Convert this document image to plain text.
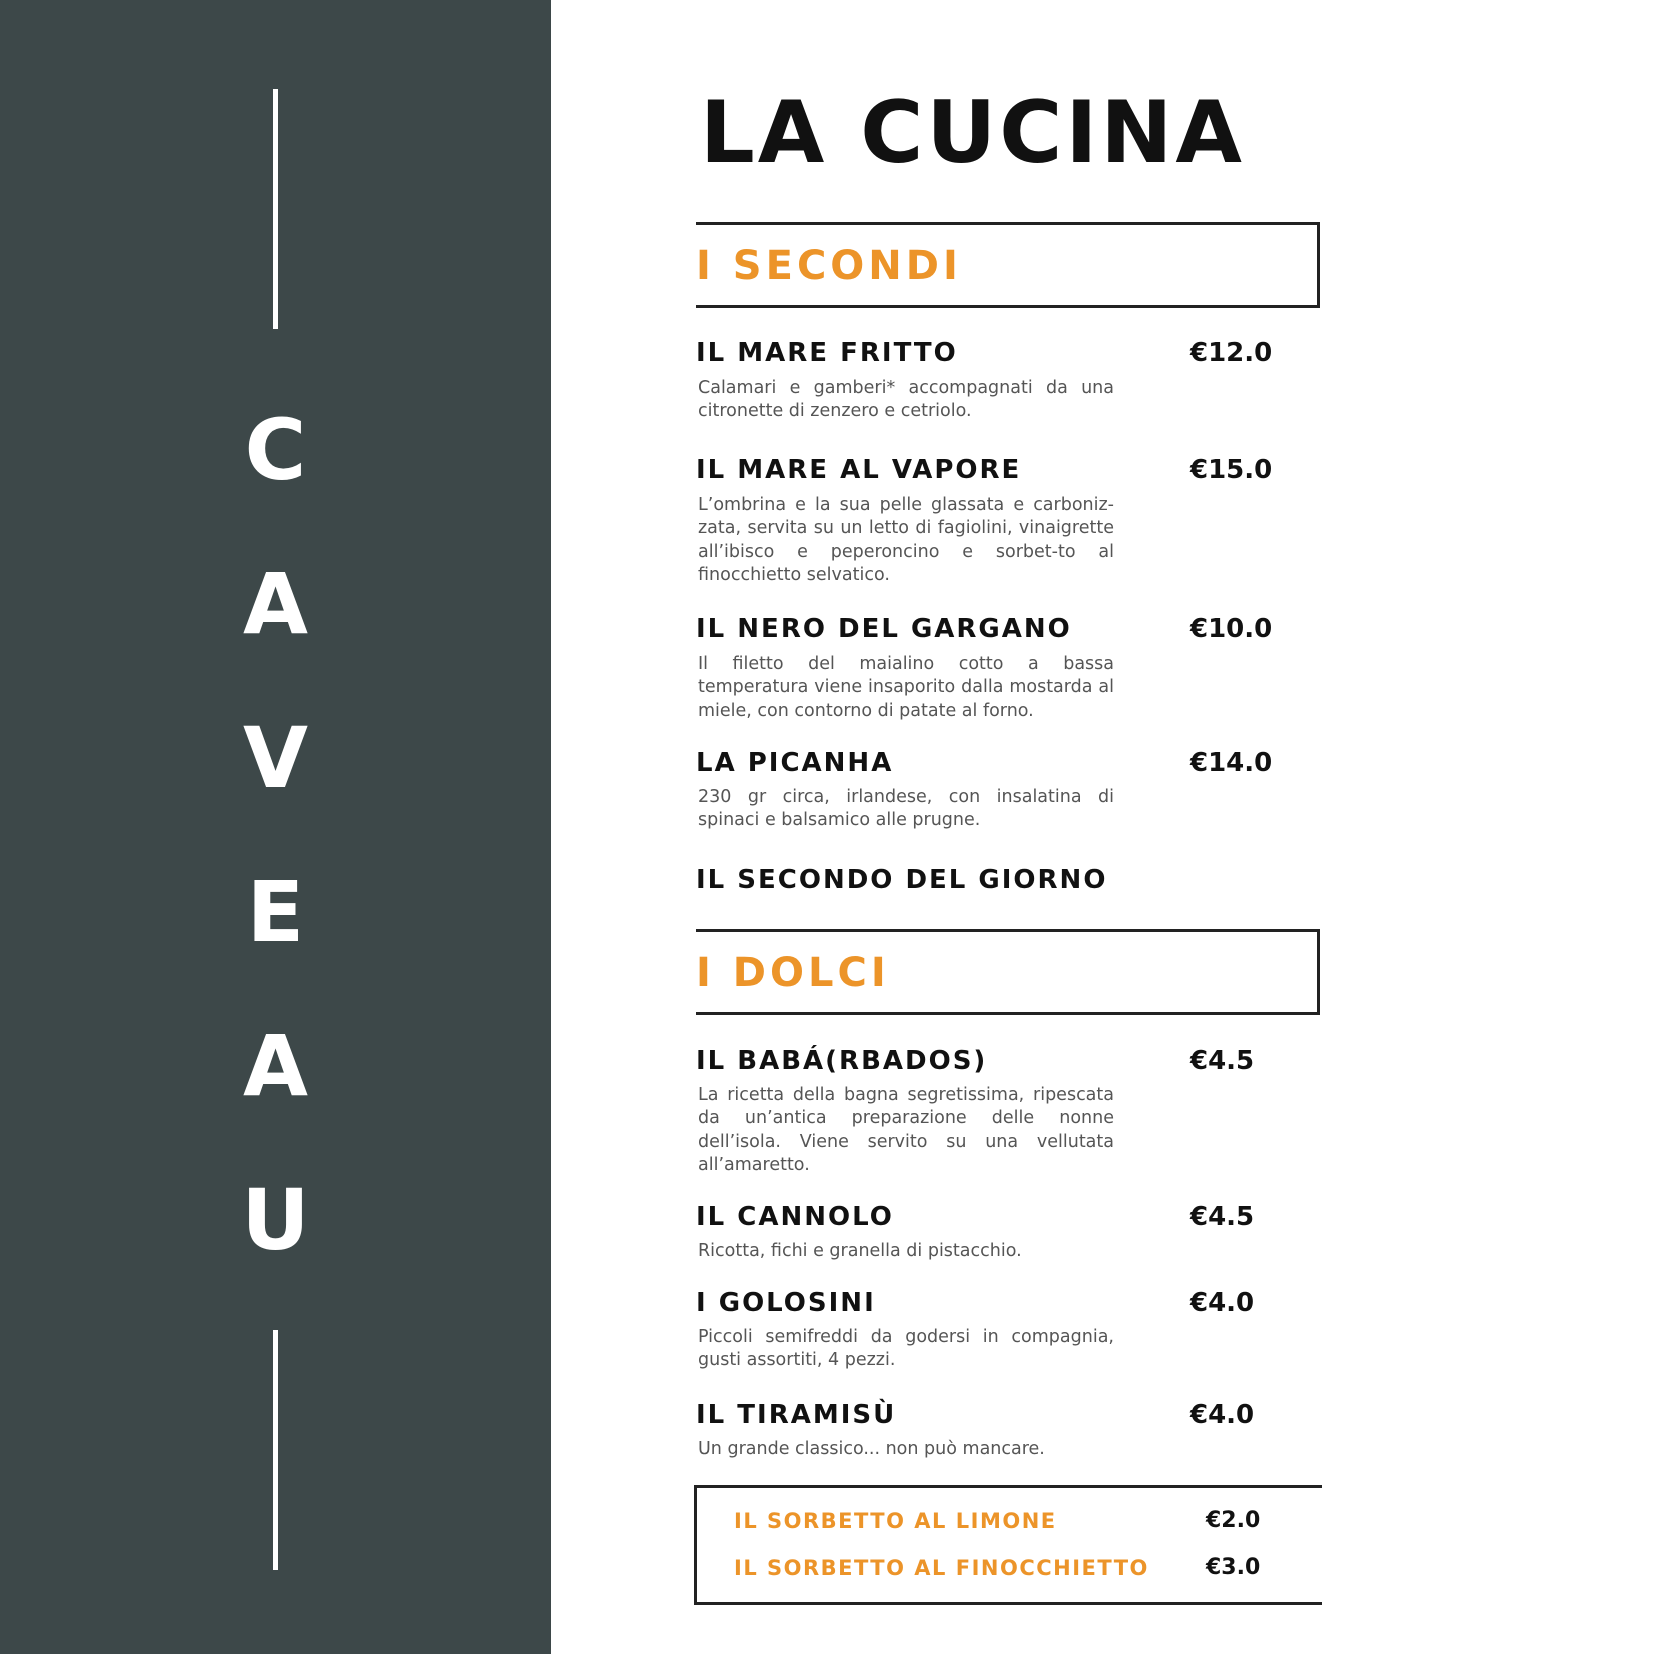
C
A
V
E
A
U
LA CUCINA
I SECONDI
IL MARE FRITTO	€12.0

Calamari e gamberi* accompagnati da una citronette di zenzero e cetriolo.

IL MARE AL VAPORE	€15.0

L’ombrina e la sua pelle glassata e carboniz-zata, servita su un letto di fagiolini, vinaigrette all’ibisco e peperoncino e sorbet-to al finocchietto selvatico.

IL NERO DEL GARGANO	€10.0

Il filetto del maialino cotto a bassa temperatura viene insaporito dalla mostarda al miele, con contorno di patate al forno.

LA PICANHA	€14.0

230 gr circa, irlandese, con insalatina di spinaci e balsamico alle prugne.

IL SECONDO DEL GIORNO
I DOLCI
IL BABÁ(RBADOS)	€4.5

La ricetta della bagna segretissima, ripescata da un’antica preparazione delle nonne dell’isola. Viene servito su una vellutata all’amaretto.

IL CANNOLO	€4.5

Ricotta, fichi e granella di pistacchio.

I GOLOSINI	€4.0

Piccoli semifreddi da godersi in compagnia, gusti assortiti, 4 pezzi.

IL TIRAMISÙ	€4.0

Un grande classico... non può mancare.

IL SORBETTO AL LIMONE	€2.0
IL SORBETTO AL FINOCCHIETTO	€3.0
